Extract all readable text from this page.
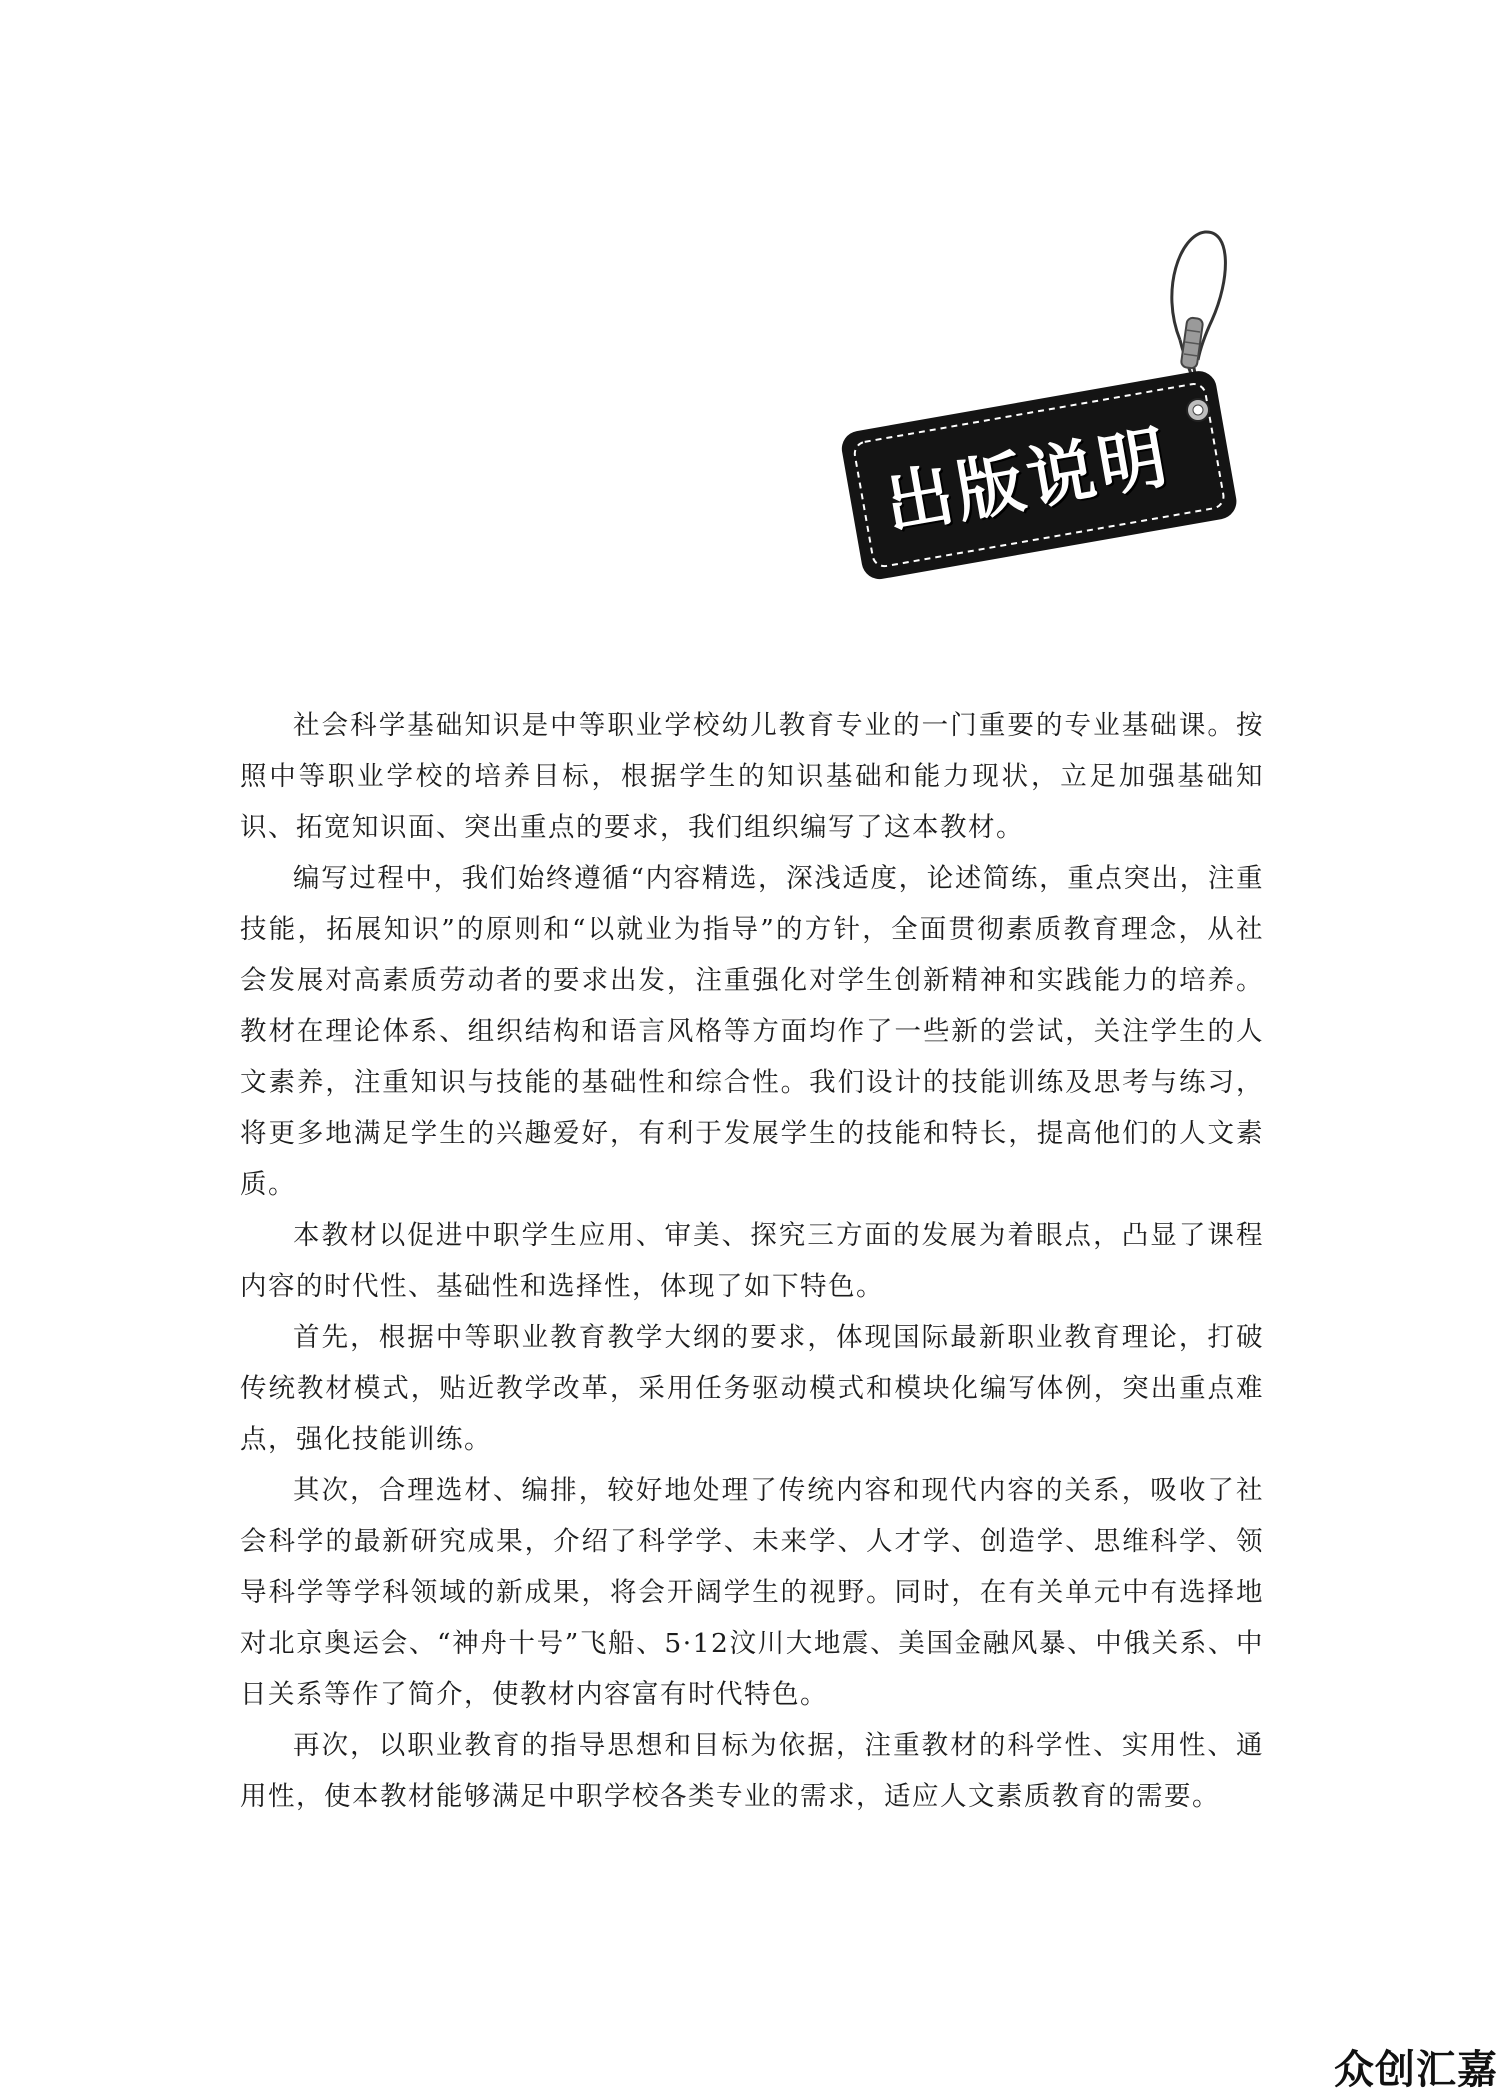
出版说明

社会科学基础知识是中等职业学校幼儿教育专业的一门重要的专业基础课。按照中等职业学校的培养目标，根据学生的知识基础和能力现状，立足加强基础知识、拓宽知识面、突出重点的要求，我们组织编写了这本教材。

编写过程中，我们始终遵循“内容精选，深浅适度，论述简练，重点突出，注重技能，拓展知识”的原则和“以就业为指导”的方针，全面贯彻素质教育理念，从社会发展对高素质劳动者的要求出发，注重强化对学生创新精神和实践能力的培养。教材在理论体系、组织结构和语言风格等方面均作了一些新的尝试，关注学生的人文素养，注重知识与技能的基础性和综合性。我们设计的技能训练及思考与练习，将更多地满足学生的兴趣爱好，有利于发展学生的技能和特长，提高他们的人文素质。

本教材以促进中职学生应用、审美、探究三方面的发展为着眼点，凸显了课程内容的时代性、基础性和选择性，体现了如下特色。

首先，根据中等职业教育教学大纲的要求，体现国际最新职业教育理论，打破传统教材模式，贴近教学改革，采用任务驱动模式和模块化编写体例，突出重点难点，强化技能训练。

其次，合理选材、编排，较好地处理了传统内容和现代内容的关系，吸收了社会科学的最新研究成果，介绍了科学学、未来学、人才学、创造学、思维科学、领导科学等学科领域的新成果，将会开阔学生的视野。同时，在有关单元中有选择地对北京奥运会、“神舟十号”飞船、5·12汶川大地震、美国金融风暴、中俄关系、中日关系等作了简介，使教材内容富有时代特色。

再次，以职业教育的指导思想和目标为依据，注重教材的科学性、实用性、通用性，使本教材能够满足中职学校各类专业的需求，适应人文素质教育的需要。

众创汇嘉
